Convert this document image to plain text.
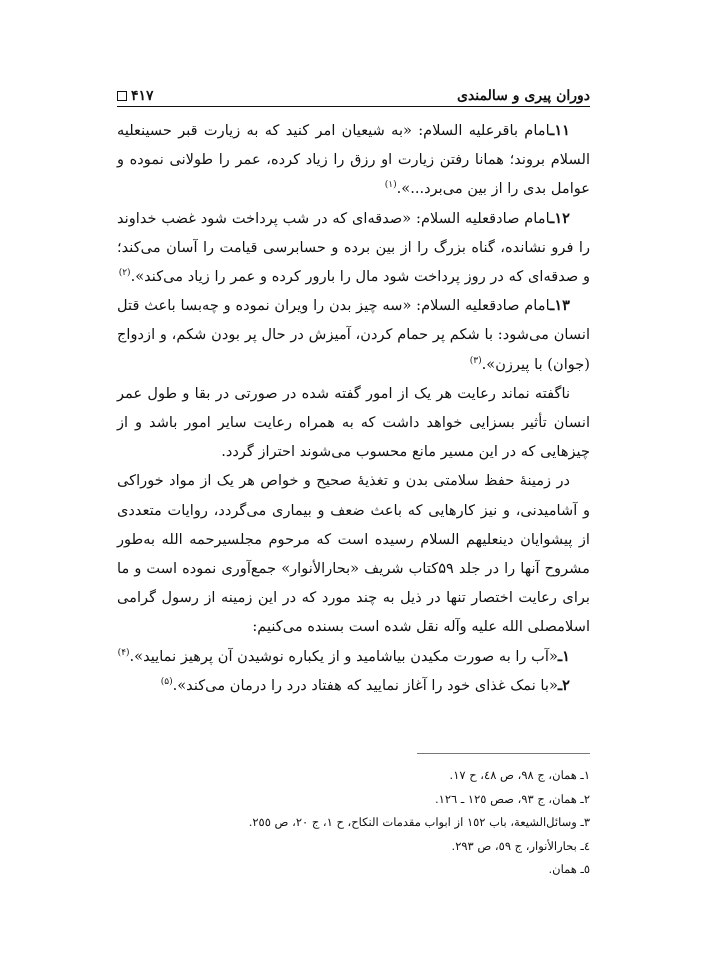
دوران پیری و سالمندی
۴۱۷

۱۱ـامام باقرعليه السلام: «به شیعیان امر کنید که به زیارت قبر حسینعليه السلام بروند؛ همانا رفتن زیارت او رزق را زیاد کرده، عمر را طولانی نموده و عوامل بدی را از بین می‌برد...».$^{(۱)}$

۱۲ـامام صادقعليه السلام: «صدقه‌ای که در شب پرداخت شود غضب خداوند را فرو نشانده، گناه بزرگ را از بین برده و حسابرسی قیامت را آسان می‌کند؛ و صدقه‌ای که در روز پرداخت شود مال را بارور کرده و عمر را زیاد می‌کند».$^{(۲)}$

۱۳ـامام صادقعليه السلام: «سه چیز بدن را ویران نموده و چه‌بسا باعث قتل انسان می‌شود: با شکم پر حمام کردن، آمیزش در حال پر بودن شکم، و ازدواج (جوان) با پیرزن».$^{(۳)}$

ناگفته نماند رعایت هر یک از امور گفته شده در صورتی در بقا و طول عمر انسان تأثیر بسزایی خواهد داشت که به همراه رعایت سایر امور باشد و از چیزهایی که در این مسیر مانع محسوب می‌شوند احتراز گردد.

در زمینهٔ حفظ سلامتی بدن و تغذیهٔ صحیح و خواص هر یک از مواد خوراکی و آشامیدنی، و نیز کارهایی که باعث ضعف و بیماری می‌گردد، روایات متعددی از پیشوایان دینعليهم السلام رسیده است که مرحوم مجلسیرحمه الله به‌طور مشروح آنها را در جلد ۵۹کتاب شریف «بحارالأنوار» جمع‌آوری نموده است و ما برای رعایت اختصار تنها در ذیل به چند مورد که در این زمینه از رسول گرامی اسلامصلى الله عليه وآله نقل شده است بسنده می‌کنیم:

۱ـ«آب را به صورت مکیدن بیاشامید و از یکباره نوشیدن آن پرهیز نمایید».$^{(۴)}$

۲ـ«با نمک غذای خود را آغاز نمایید که هفتاد درد را درمان می‌کند».$^{(۵)}$

۱ـ همان، ج ۹۸، ص ٤٨، ح ١٧.
۲ـ همان، ج ۹۳، صص ١٢٥ ـ ١٢٦.
۳ـ وسائل‌الشیعة، باب ١٥٢ از ابواب مقدمات النکاح، ح ١، ج ٢٠، ص ٢٥٥.
٤ـ بحارالأنوار، ج ٥٩، ص ٢٩٣.
٥ـ همان.
